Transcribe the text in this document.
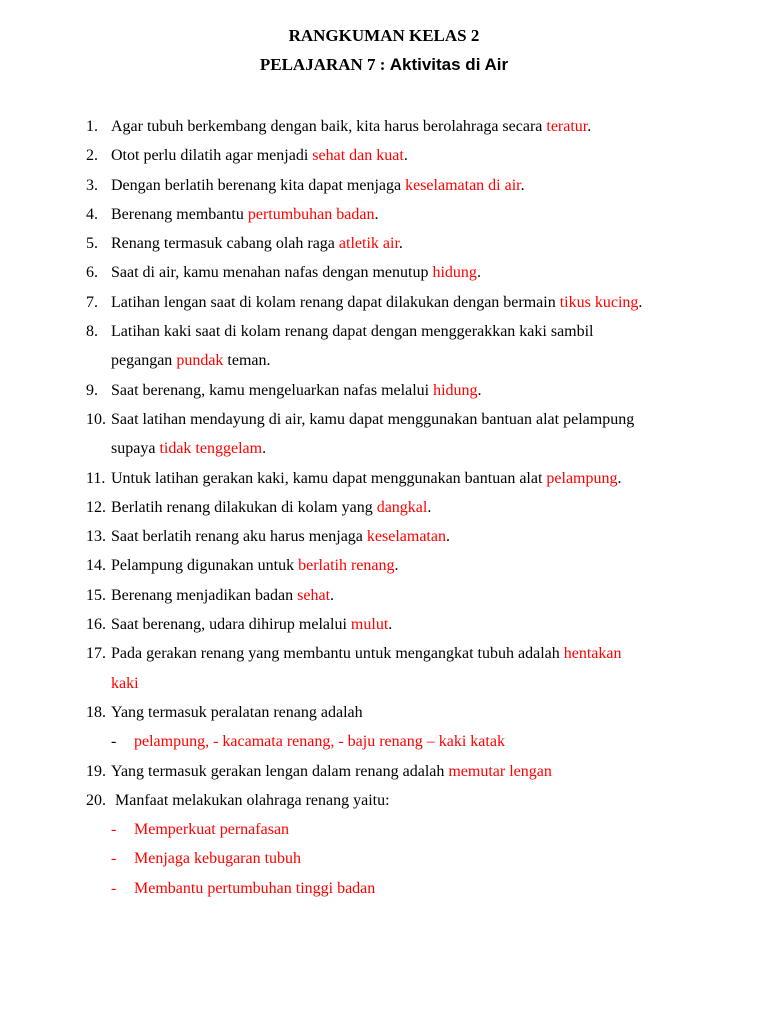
RANGKUMAN KELAS 2
PELAJARAN 7 : Aktivitas di Air
1. Agar tubuh berkembang dengan baik, kita harus berolahraga secara teratur.
2. Otot perlu dilatih agar menjadi sehat dan kuat.
3. Dengan berlatih berenang kita dapat menjaga keselamatan di air.
4. Berenang membantu pertumbuhan badan.
5. Renang termasuk cabang olah raga atletik air.
6. Saat di air, kamu menahan nafas dengan menutup hidung.
7. Latihan lengan saat di kolam renang dapat dilakukan dengan bermain tikus kucing.
8. Latihan kaki saat di kolam renang dapat dengan menggerakkan kaki sambil
pegangan pundak teman.
9. Saat berenang, kamu mengeluarkan nafas melalui hidung.
10. Saat latihan mendayung di air, kamu dapat menggunakan bantuan alat pelampung
supaya tidak tenggelam.
11. Untuk latihan gerakan kaki, kamu dapat menggunakan bantuan alat pelampung.
12. Berlatih renang dilakukan di kolam yang dangkal.
13. Saat berlatih renang aku harus menjaga keselamatan.
14. Pelampung digunakan untuk berlatih renang.
15. Berenang menjadikan badan sehat.
16. Saat berenang, udara dihirup melalui mulut.
17. Pada gerakan renang yang membantu untuk mengangkat tubuh adalah hentakan
kaki
18. Yang termasuk peralatan renang adalah
- pelampung, - kacamata renang, - baju renang – kaki katak
19. Yang termasuk gerakan lengan dalam renang adalah memutar lengan
20. Manfaat melakukan olahraga renang yaitu:
- Memperkuat pernafasan
- Menjaga kebugaran tubuh
- Membantu pertumbuhan tinggi badan
